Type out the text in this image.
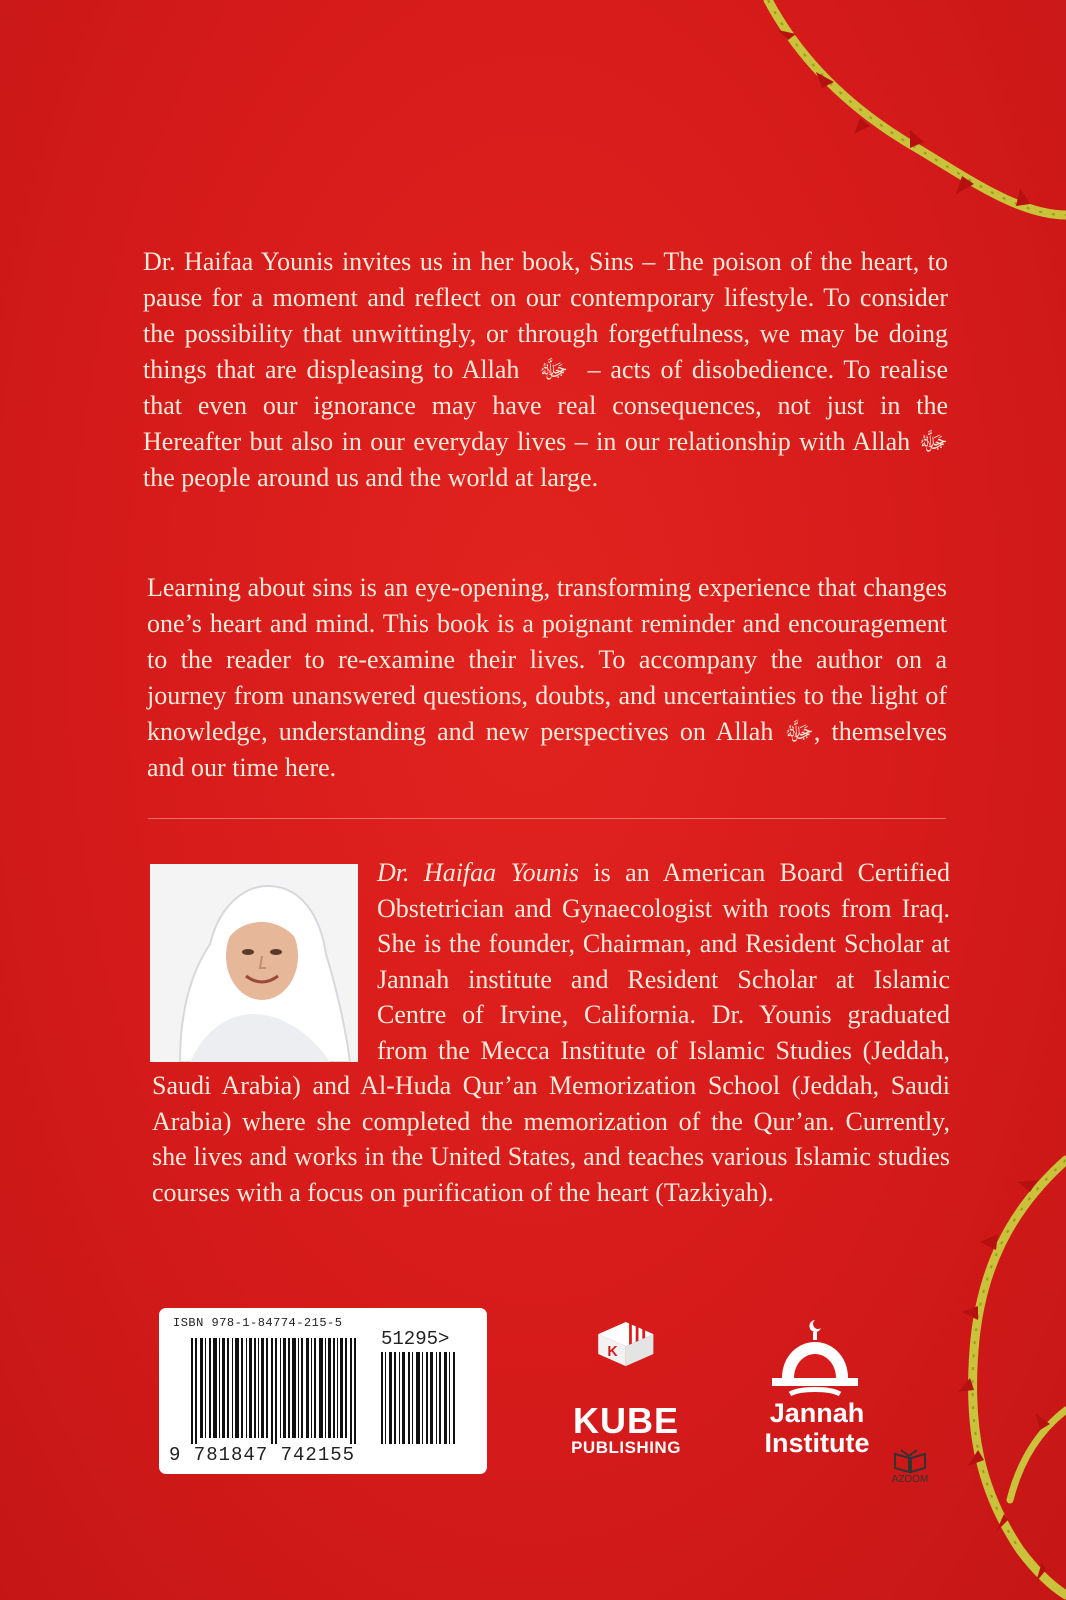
Dr. Haifaa Younis invites us in her book, Sins – The poison of the heart, to pause for a moment and reflect on our contemporary lifestyle. To consider the possibility that unwittingly, or through forgetfulness, we may be doing things that are displeasing to Allah  ﷻ  – acts of disobedience. To realise that even our ignorance may have real consequences, not just in the Hereafter but also in our everyday lives – in our relationship with Allah ﷻ the people around us and the world at large.

Learning about sins is an eye-opening, transforming experience that changes one’s heart and mind. This book is a poignant reminder and encouragement to the reader to re-examine their lives. To accompany the author on a journey from unanswered questions, doubts, and uncertainties to the light of knowledge, understanding and new perspectives on Allah ﷻ, themselves and our time here.

Dr. Haifaa Younis is an American Board Certified Obstetrician and Gynaecologist with roots from Iraq. She is the founder, Chairman, and Resident Scholar at Jannah institute and Resident Scholar at Islamic Centre of Irvine, California. Dr. Younis graduated from the Mecca Institute of Islamic Studies (Jeddah, Saudi Arabia) and Al-Huda Qur’an Memorization School (Jeddah, Saudi Arabia) where she completed the memorization of the Qur’an. Currently, she lives and works in the United States, and teaches various Islamic studies courses with a focus on purification of the heart (Tazkiyah).
ISBN 978-1-84774-215-5
51295>
9 781847 742155
K
KUBE
PUBLISHING
Jannah
Institute
AZOOM
